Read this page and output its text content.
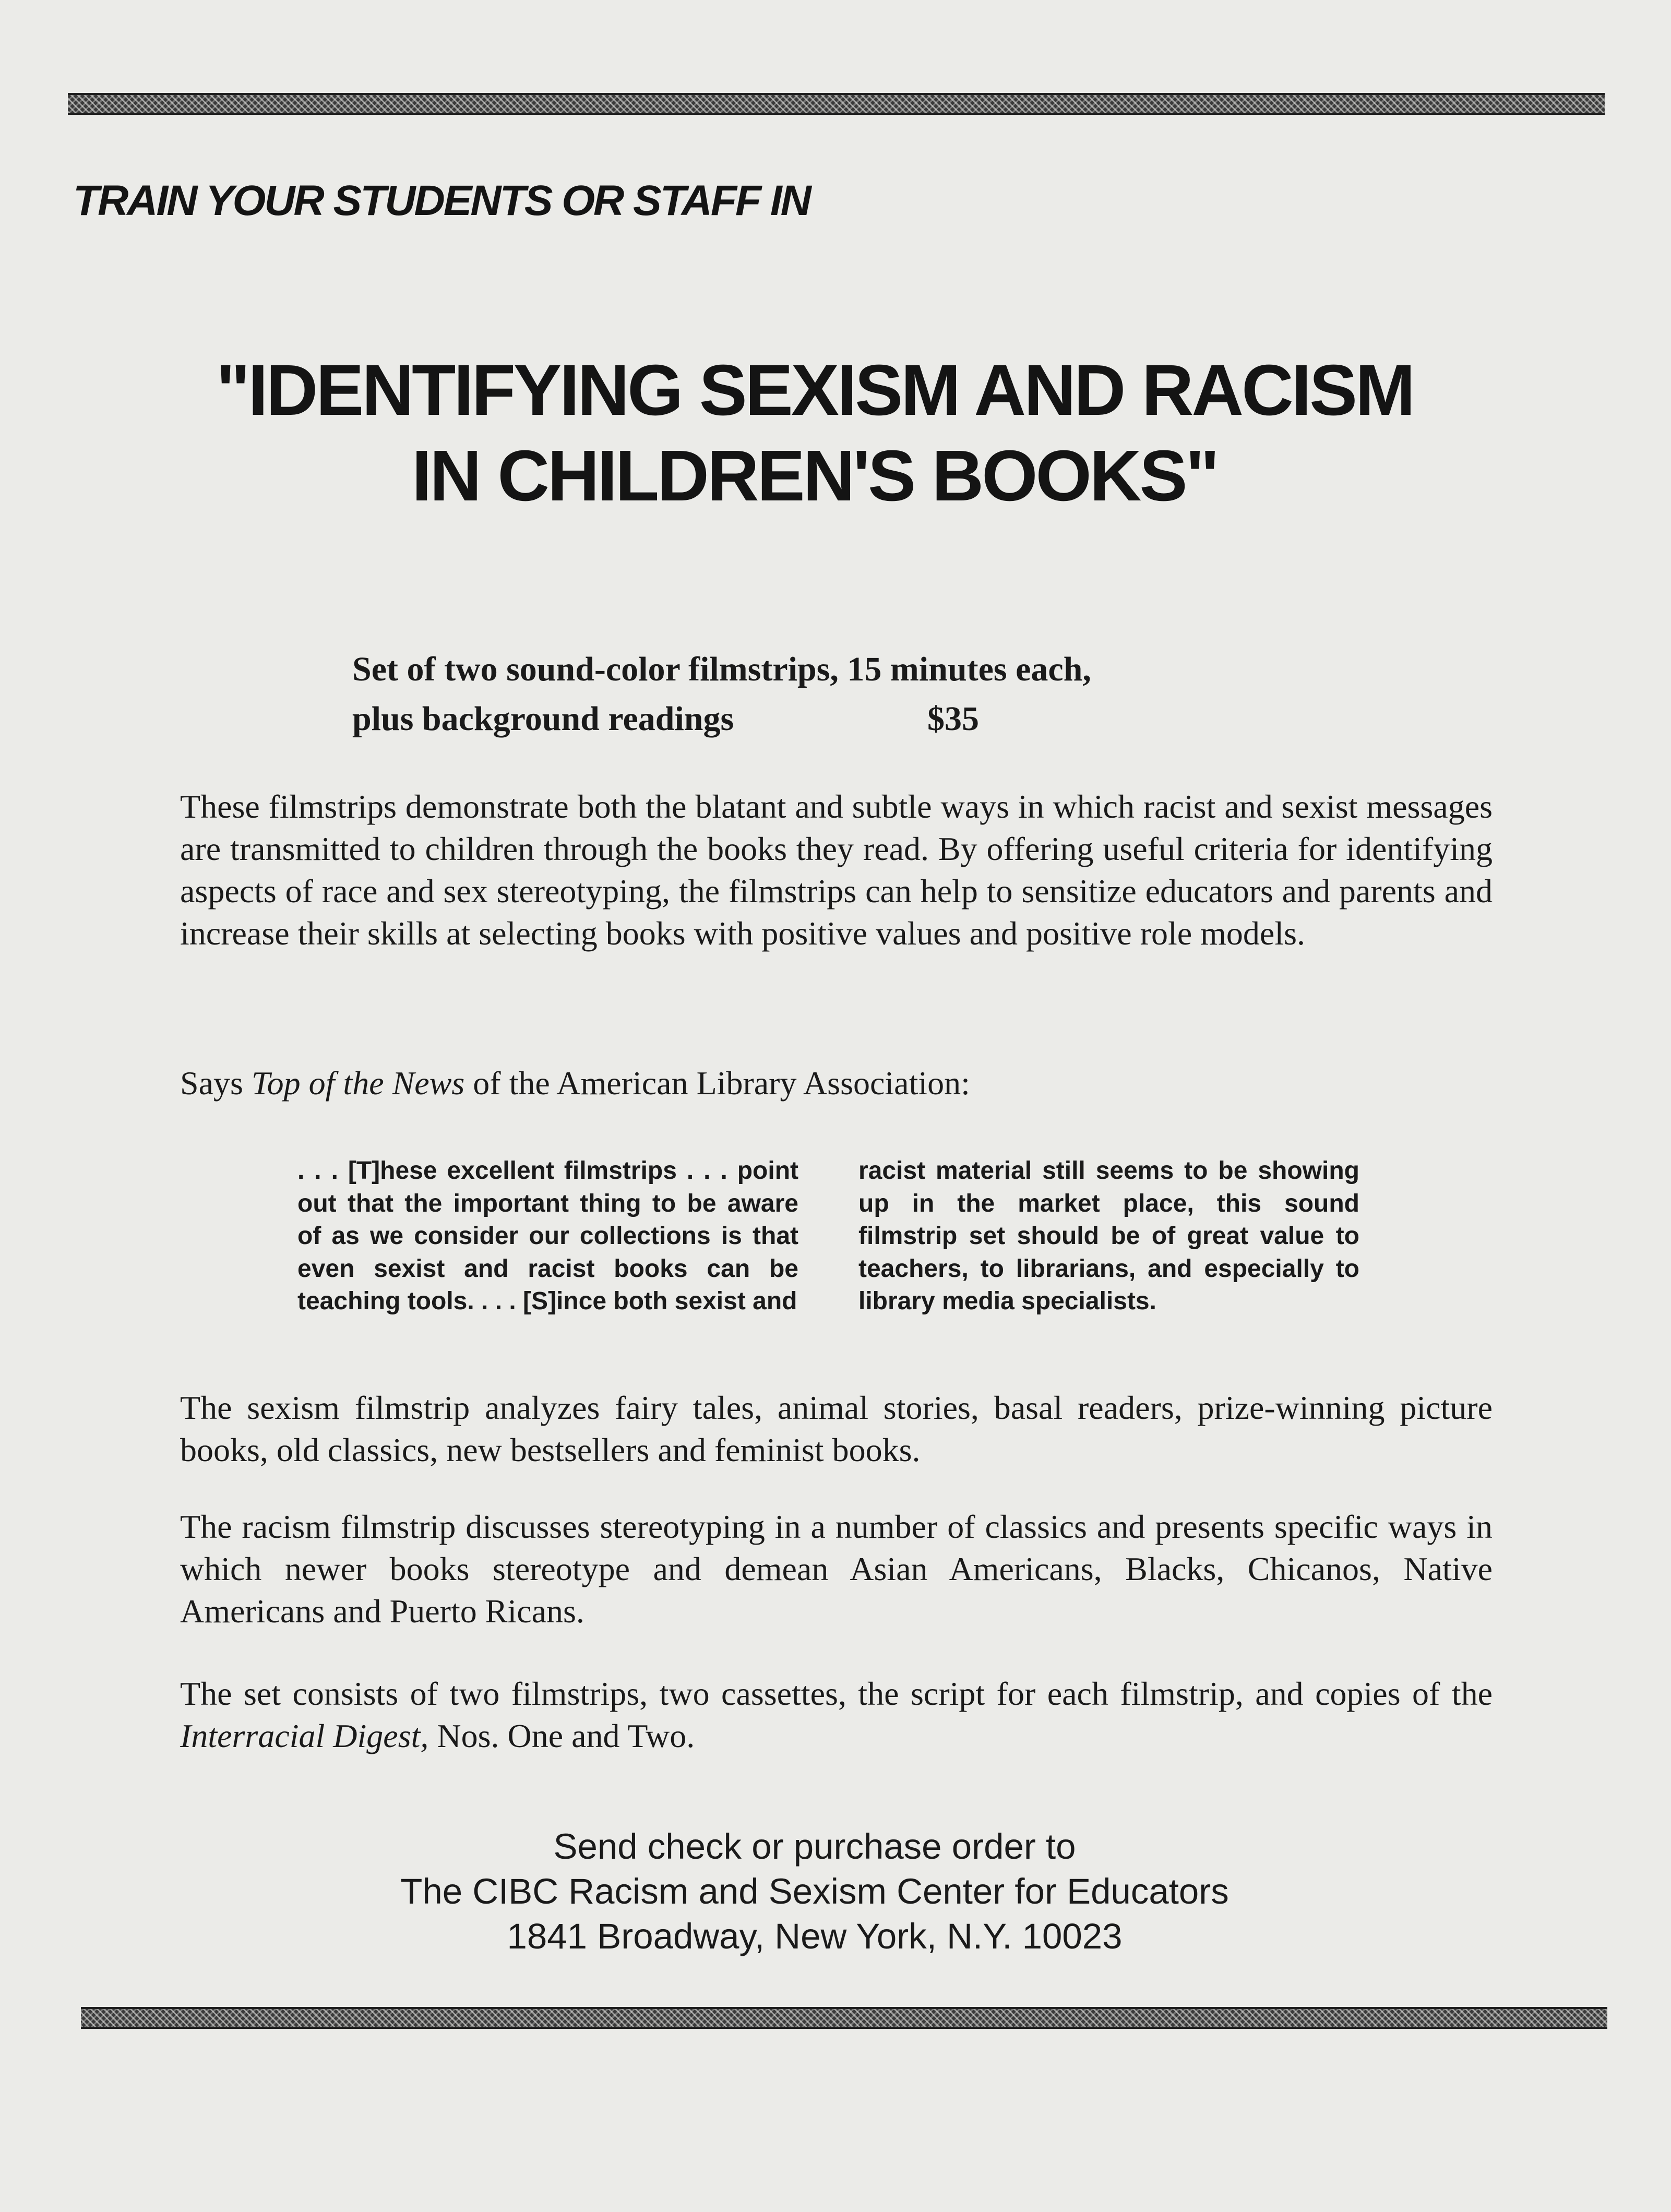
TRAIN YOUR STUDENTS OR STAFF IN
"IDENTIFYING SEXISM AND RACISM
IN CHILDREN'S BOOKS"
Set of two sound-color filmstrips, 15 minutes each,
plus background readings	$35

These filmstrips demonstrate both the blatant and subtle ways in which racist and sexist messages are transmitted to children through the books they read. By offering useful criteria for identifying aspects of race and sex stereotyping, the filmstrips can help to sensitize educators and parents and increase their skills at selecting books with positive values and positive role models.

Says Top of the News of the American Library Association:

. . . [T]hese excellent filmstrips . . . point out that the important thing to be aware of as we consider our collections is that even sexist and racist books can be teaching tools. . . . [S]ince both sexist and

racist material still seems to be showing up in the market place, this sound filmstrip set should be of great value to teachers, to librarians, and especially to library media specialists.

The sexism filmstrip analyzes fairy tales, animal stories, basal readers, prize-winning picture books, old classics, new bestsellers and feminist books.

The racism filmstrip discusses stereotyping in a number of classics and presents specific ways in which newer books stereotype and demean Asian Americans, Blacks, Chicanos, Native Americans and Puerto Ricans.

The set consists of two filmstrips, two cassettes, the script for each filmstrip, and copies of the Interracial Digest, Nos. One and Two.

Send check or purchase order to
The CIBC Racism and Sexism Center for Educators
1841 Broadway, New York, N.Y. 10023
